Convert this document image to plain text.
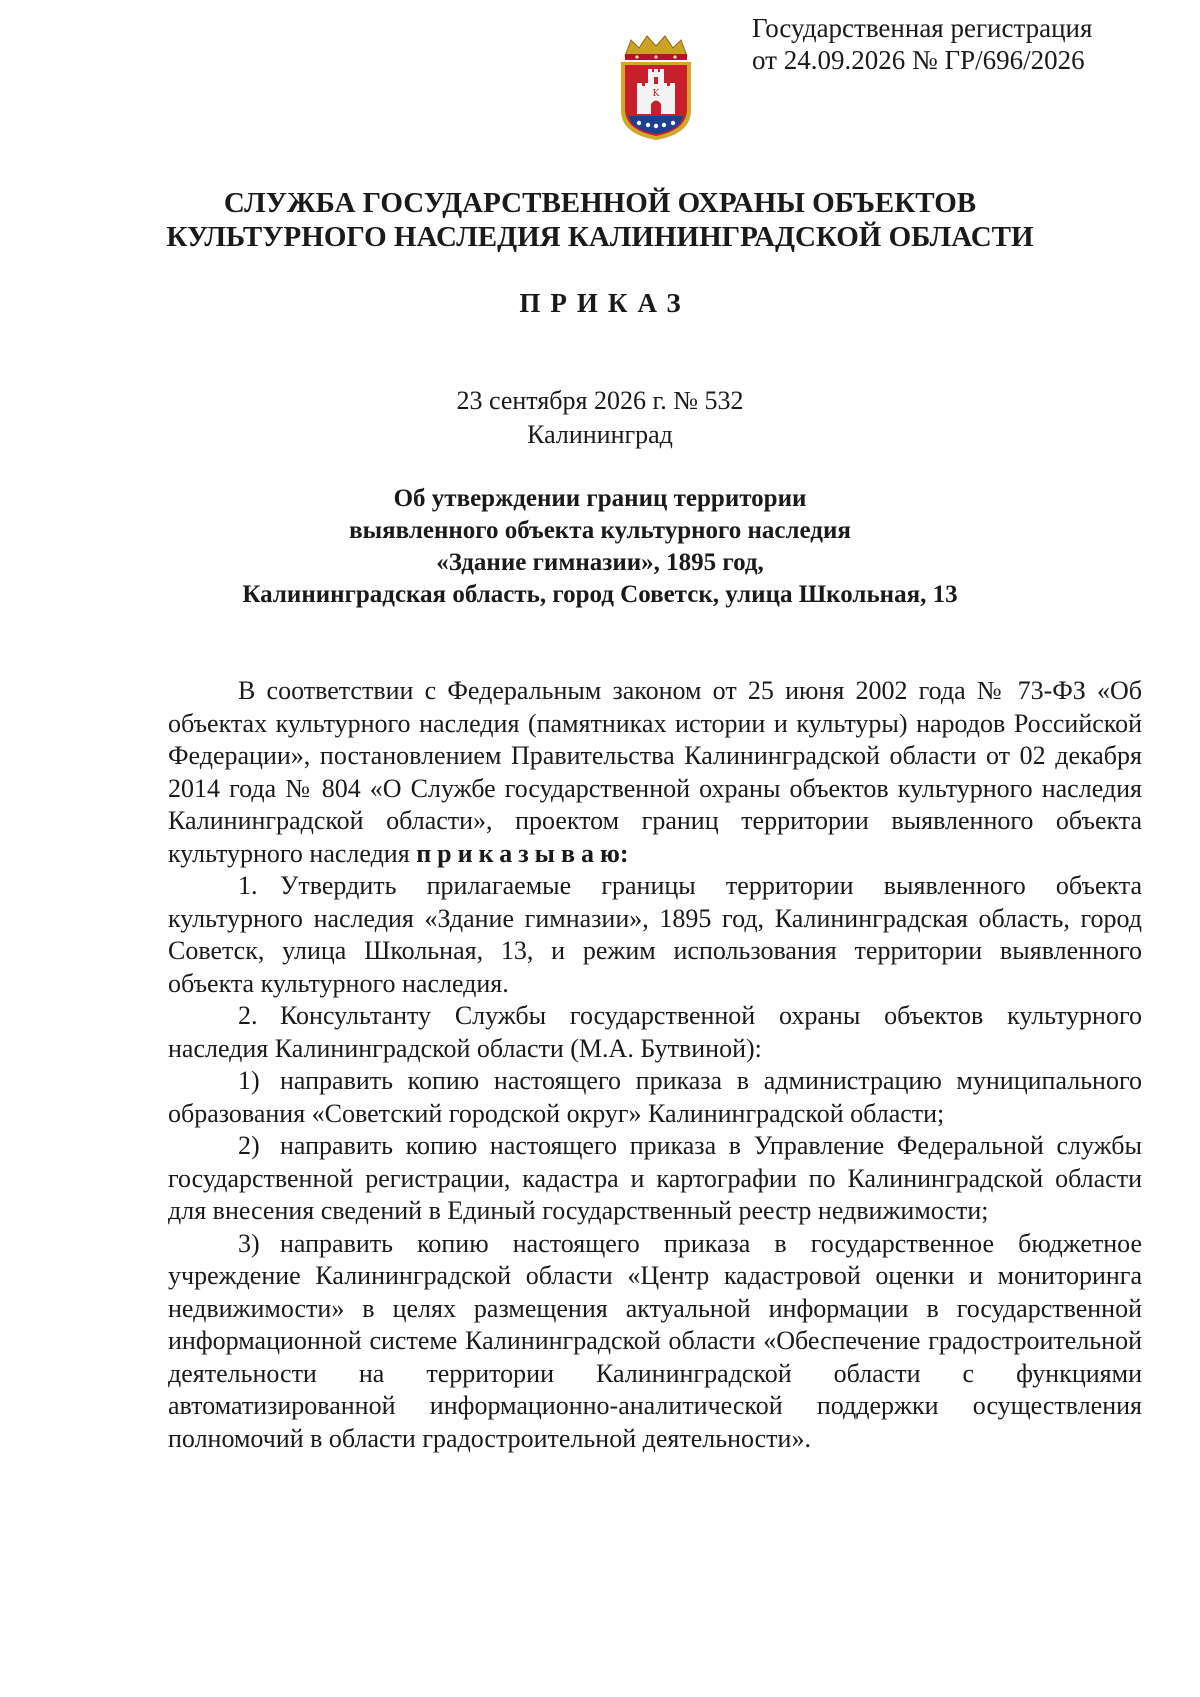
Государственная регистрация
от 24.09.2026 № ГР/696/2026
K
СЛУЖБА ГОСУДАРСТВЕННОЙ ОХРАНЫ ОБЪЕКТОВ
КУЛЬТУРНОГО НАСЛЕДИЯ КАЛИНИНГРАДСКОЙ ОБЛАСТИ
ПРИКАЗ
23 сентября 2026 г. № 532
Калининград
Об утверждении границ территории
выявленного объекта культурного наследия
«Здание гимназии», 1895 год,
Калининградская область, город Советск, улица Школьная, 13

В соответствии с Федеральным законом от 25 июня 2002 года № 73-ФЗ «Об объектах культурного наследия (памятниках истории и культуры) народов Российской Федерации», постановлением Правительства Калининградской области от 02 декабря 2014 года № 804 «О Службе государственной охраны объектов культурного наследия Калининградской области», проектом границ территории выявленного объекта культурного наследия приказываю:

1. Утвердить прилагаемые границы территории выявленного объекта культурного наследия «Здание гимназии», 1895 год, Калининградская область, город Советск, улица Школьная, 13, и режим использования территории выявленного объекта культурного наследия.

2. Консультанту Службы государственной охраны объектов культурного наследия Калининградской области (М.А. Бутвиной):

1) направить копию настоящего приказа в администрацию муниципального образования «Советский городской округ» Калининградской области;

2) направить копию настоящего приказа в Управление Федеральной службы государственной регистрации, кадастра и картографии по Калининградской области для внесения сведений в Единый государственный реестр недвижимости;

3) направить копию настоящего приказа в государственное бюджетное учреждение Калининградской области «Центр кадастровой оценки и мониторинга недвижимости» в целях размещения актуальной информации в государственной информационной системе Калининградской области «Обеспечение градостроительной деятельности на территории Калининградской области с функциями автоматизированной информационно-аналитической поддержки осуществления полномочий в области градостроительной деятельности».
